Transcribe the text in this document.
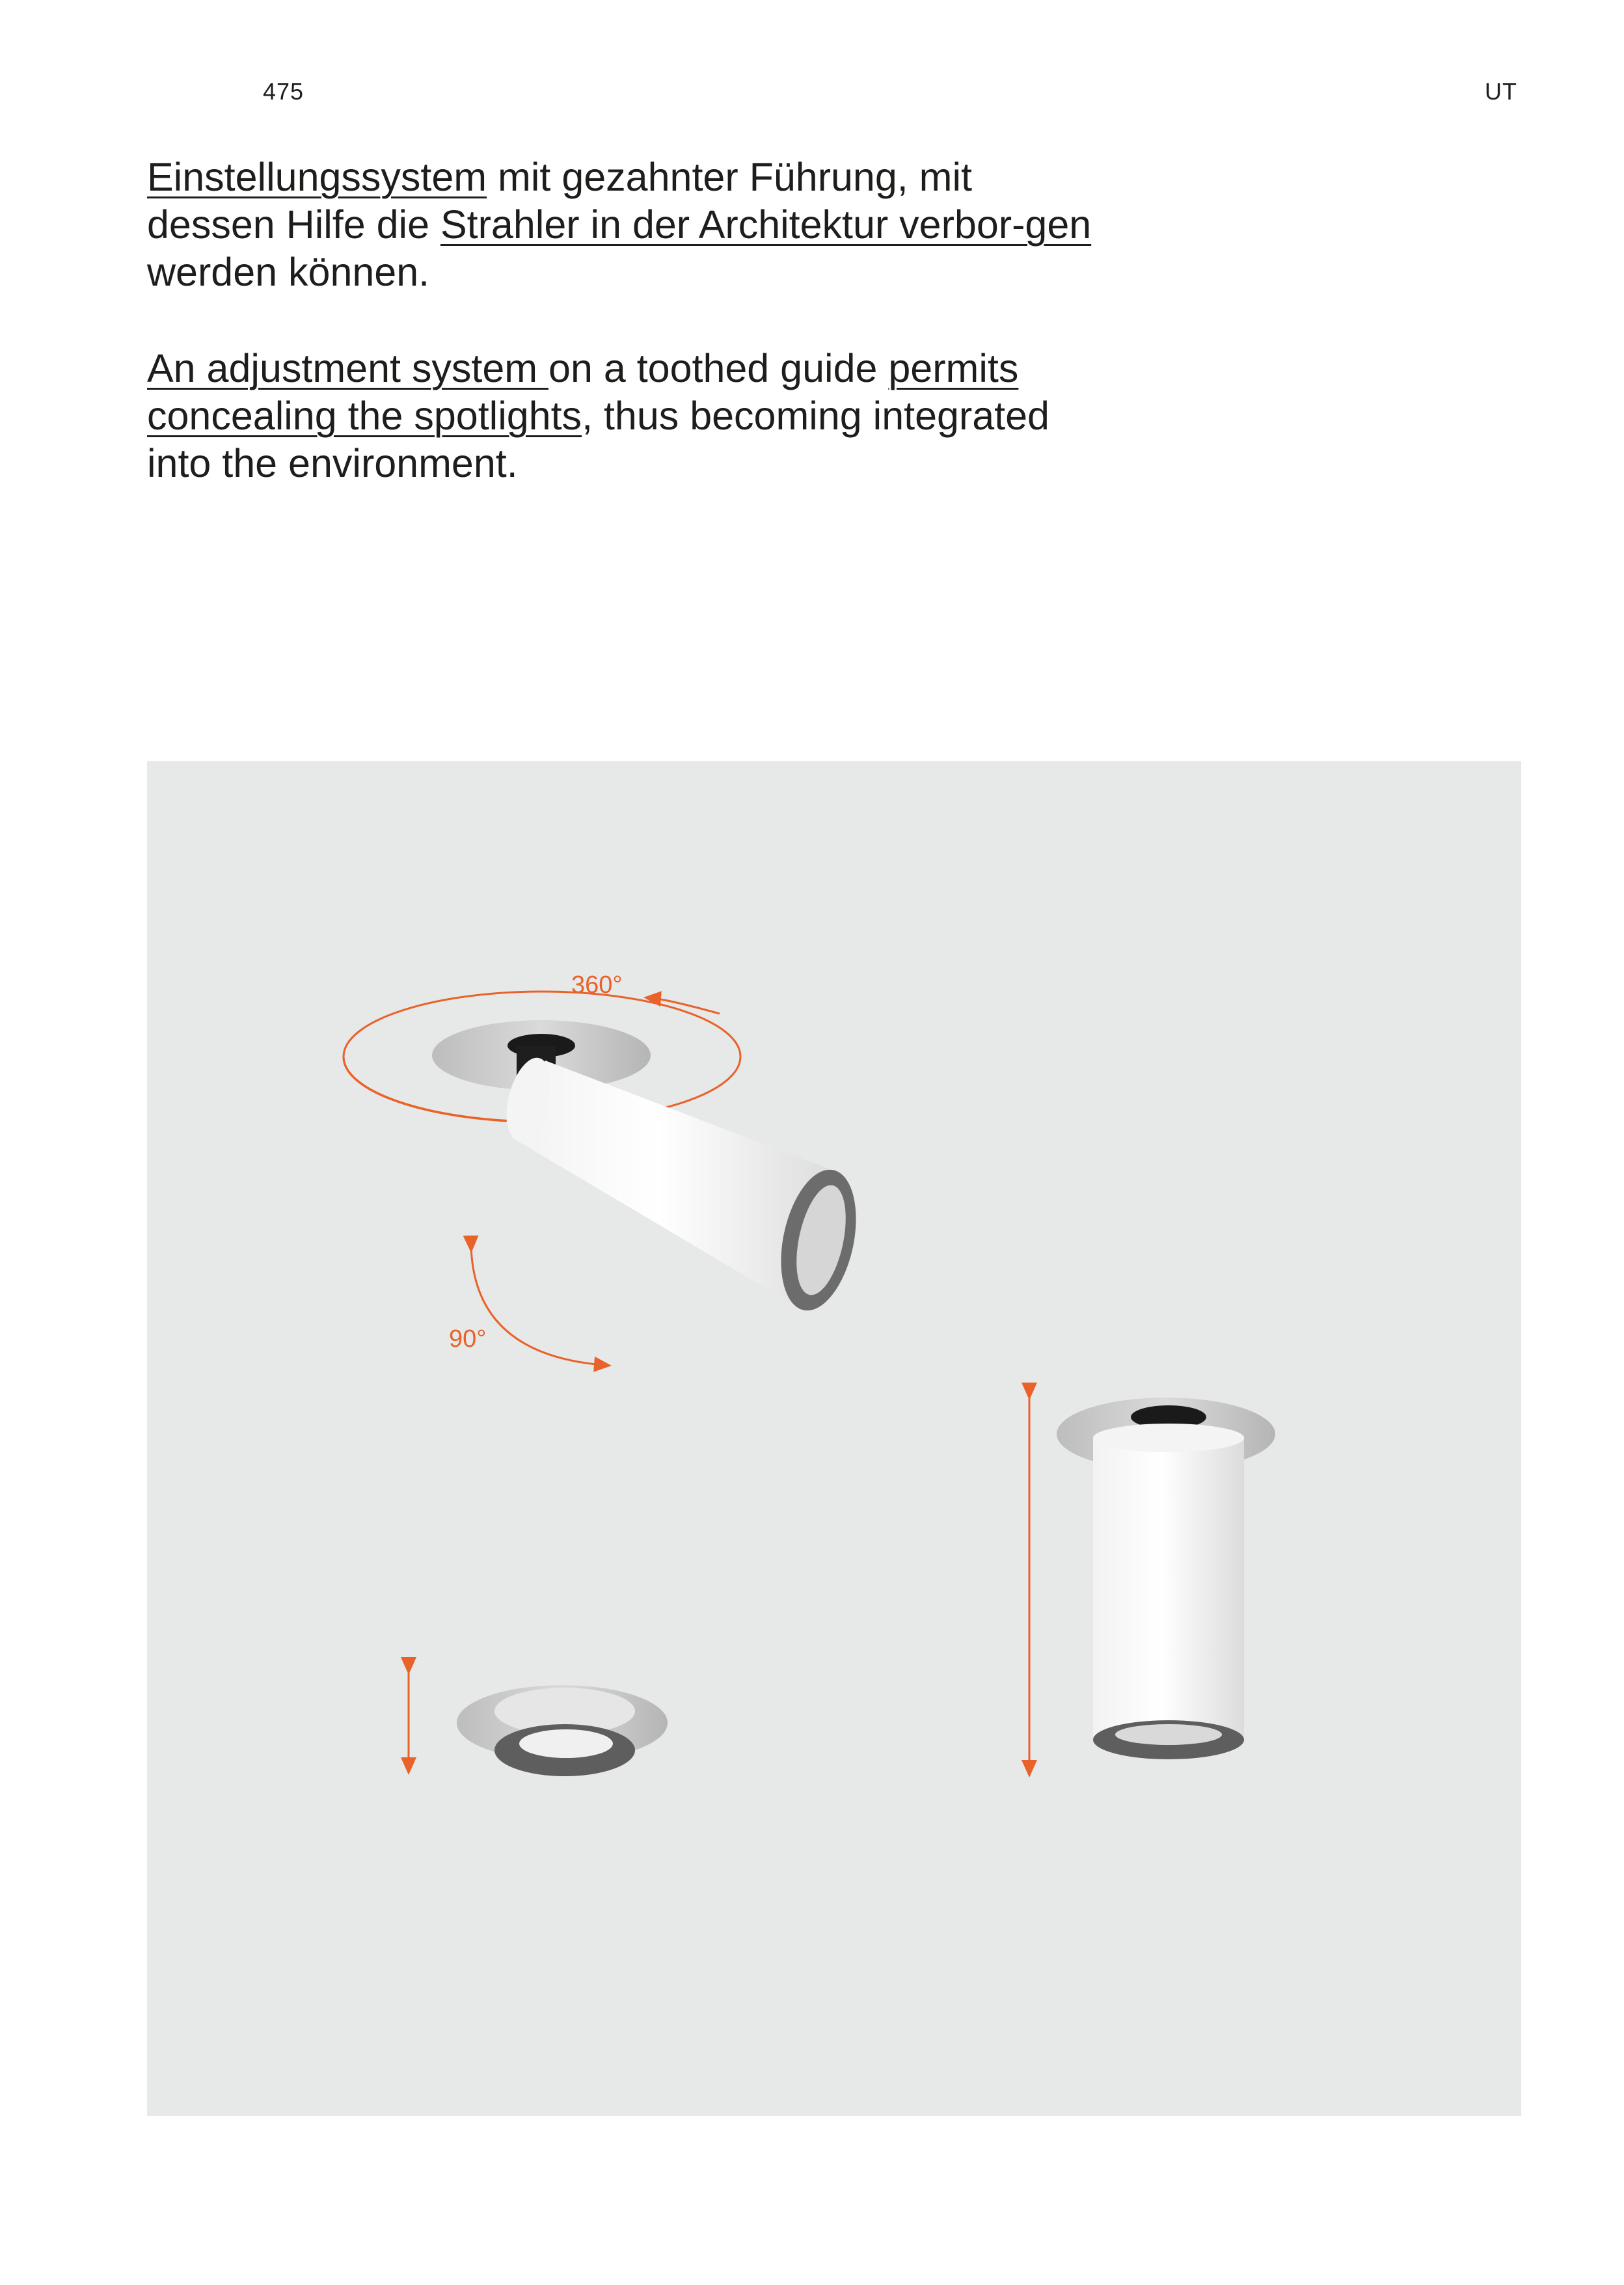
475	UT

Einstellungssystem mit gezahnter Führung, mit dessen Hilfe die Strahler in der Architektur verbor-gen werden können.

An adjustment system on a toothed guide permits concealing the spotlights, thus becoming integrated into the environment.

360°
90°
